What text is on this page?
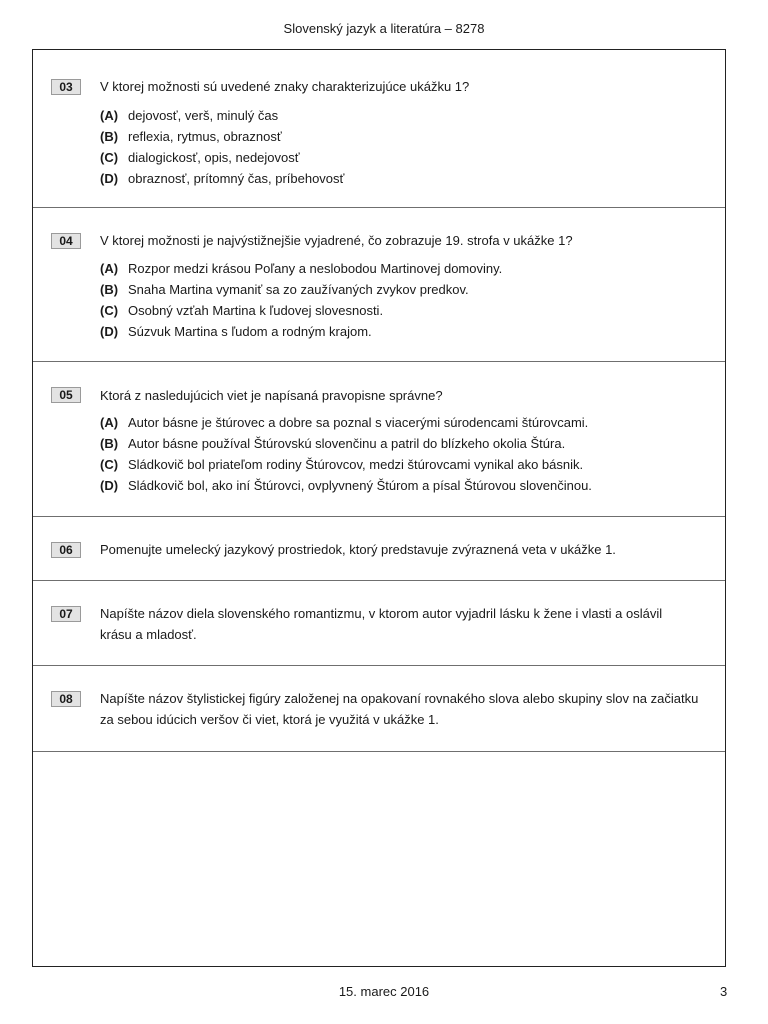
Slovenský jazyk a literatúra – 8278
03	V ktorej možnosti sú uvedené znaky charakterizujúce ukážku 1?
(A) dejovosť, verš, minulý čas
(B) reflexia, rytmus, obraznosť
(C) dialogickosť, opis, nedejovosť
(D) obraznosť, prítomný čas, príbehovosť
04	V ktorej možnosti je najvýstižnejšie vyjadrené, čo zobrazuje 19. strofa v ukážke 1?
(A) Rozpor medzi krásou Poľany a neslobodou Martinovej domoviny.
(B) Snaha Martina vymaniť sa zo zaužívaných zvykov predkov.
(C) Osobný vzťah Martina k ľudovej slovesnosti.
(D) Súzvuk Martina s ľudom a rodným krajom.
05	Ktorá z nasledujúcich viet je napísaná pravopisne správne?
(A) Autor básne je štúrovec a dobre sa poznal s viacerými súrodencami štúrovcami.
(B) Autor básne používal Štúrovskú slovenčinu a patril do blízkeho okolia Štúra.
(C) Sládkovič bol priateľom rodiny Štúrovcov, medzi štúrovcami vynikal ako básnik.
(D) Sládkovič bol, ako iní Štúrovci, ovplyvnený Štúrom a písal Štúrovou slovenčinou.
06	Pomenujte umelecký jazykový prostriedok, ktorý predstavuje zvýraznená veta v ukážke 1.
07	Napíšte názov diela slovenského romantizmu, v ktorom autor vyjadril lásku k žene i vlasti a oslávil krásu a mladosť.
08	Napíšte názov štylistickej figúry založenej na opakovaní rovnakého slova alebo skupiny slov na začiatku za sebou idúcich veršov či viet, ktorá je využitá v ukážke 1.
15. marec 2016	3
